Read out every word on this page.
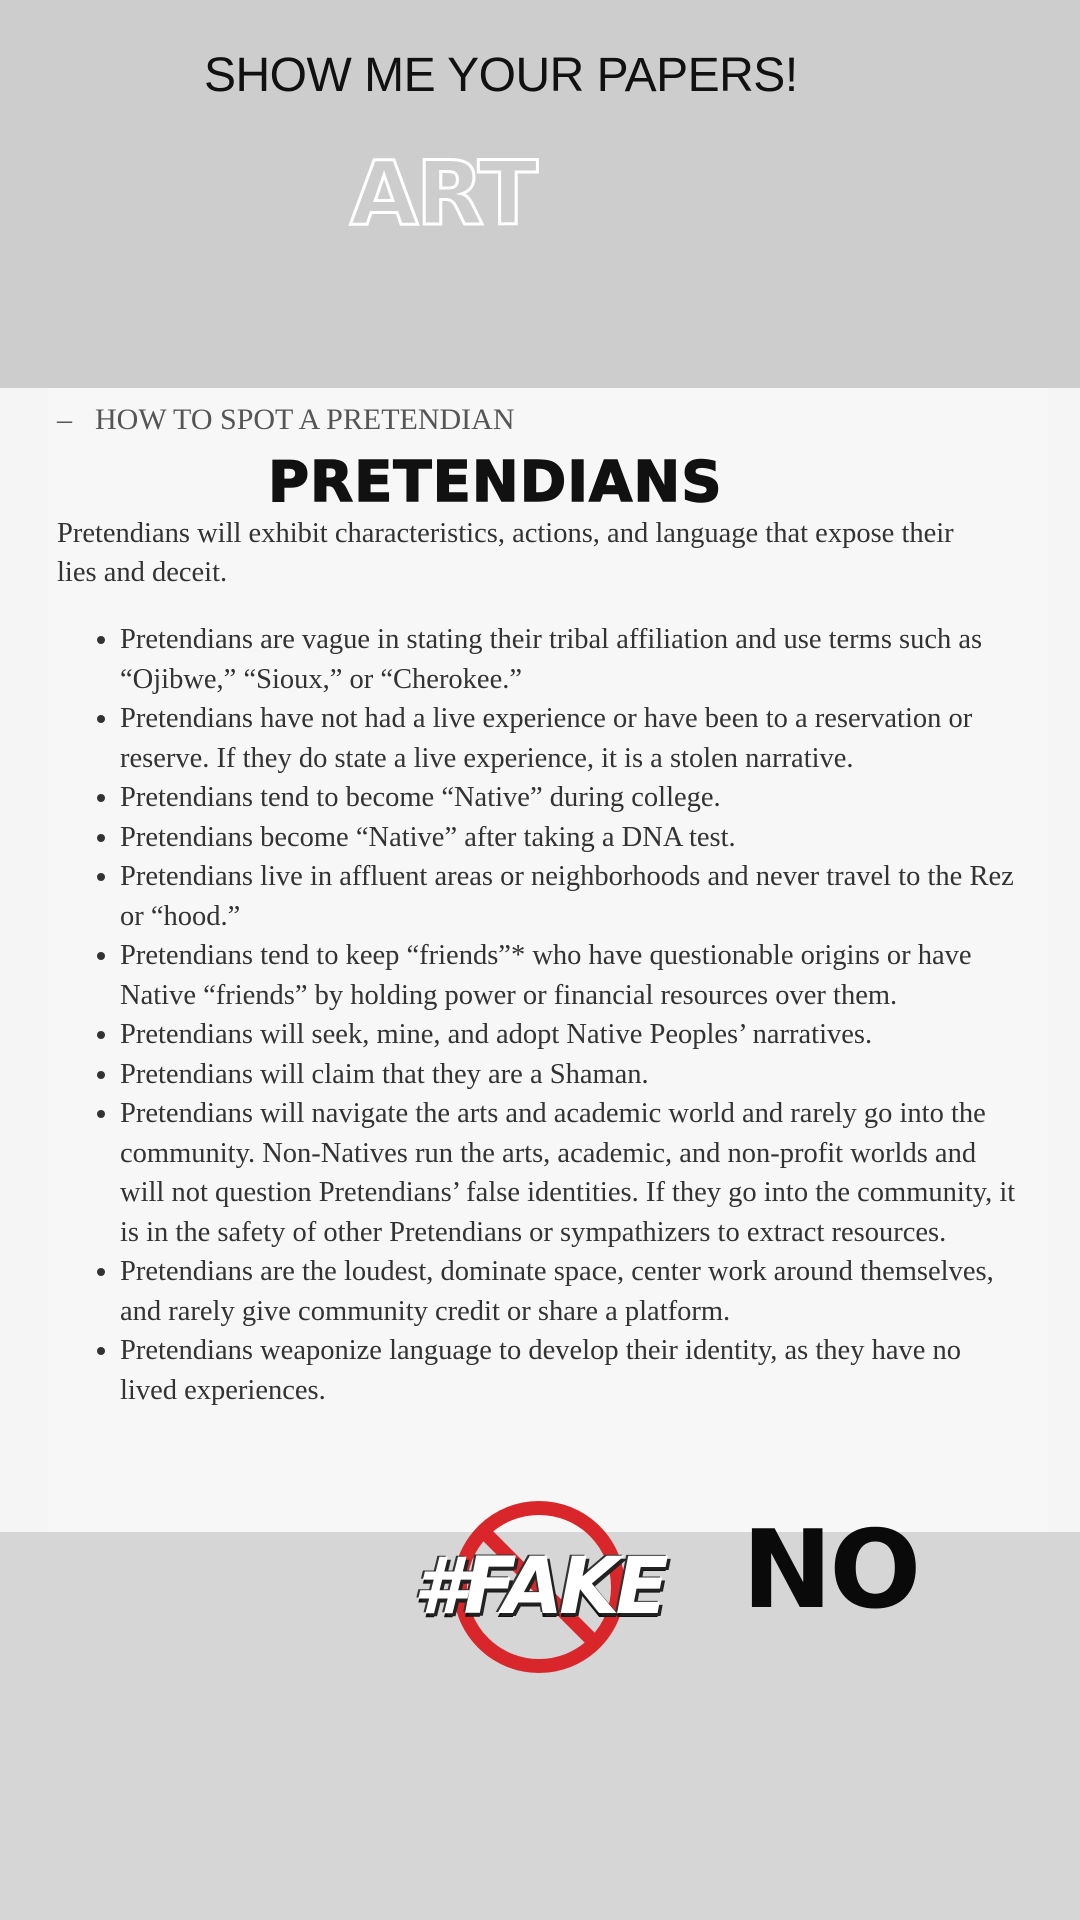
SHOW ME YOUR PAPERS!
ART
– HOW TO SPOT A PRETENDIAN
PRETENDIANS
Pretendians will exhibit characteristics, actions, and language that expose their lies and deceit.
Pretendians are vague in stating their tribal affiliation and use terms such as “Ojibwe,” “Sioux,” or “Cherokee.”
Pretendians have not had a live experience or have been to a reservation or reserve. If they do state a live experience, it is a stolen narrative.
Pretendians tend to become “Native” during college.
Pretendians become “Native” after taking a DNA test.
Pretendians live in affluent areas or neighborhoods and never travel to the Rez or “hood.”
Pretendians tend to keep “friends”* who have questionable origins or have Native “friends” by holding power or financial resources over them.
Pretendians will seek, mine, and adopt Native Peoples’ narratives.
Pretendians will claim that they are a Shaman.
Pretendians will navigate the arts and academic world and rarely go into the community. Non-Natives run the arts, academic, and non-profit worlds and will not question Pretendians’ false identities. If they go into the community, it is in the safety of other Pretendians or sympathizers to extract resources.
Pretendians are the loudest, dominate space, center work around themselves, and rarely give community credit or share a platform.
Pretendians weaponize language to develop their identity, as they have no lived experiences.
#FAKE NO
